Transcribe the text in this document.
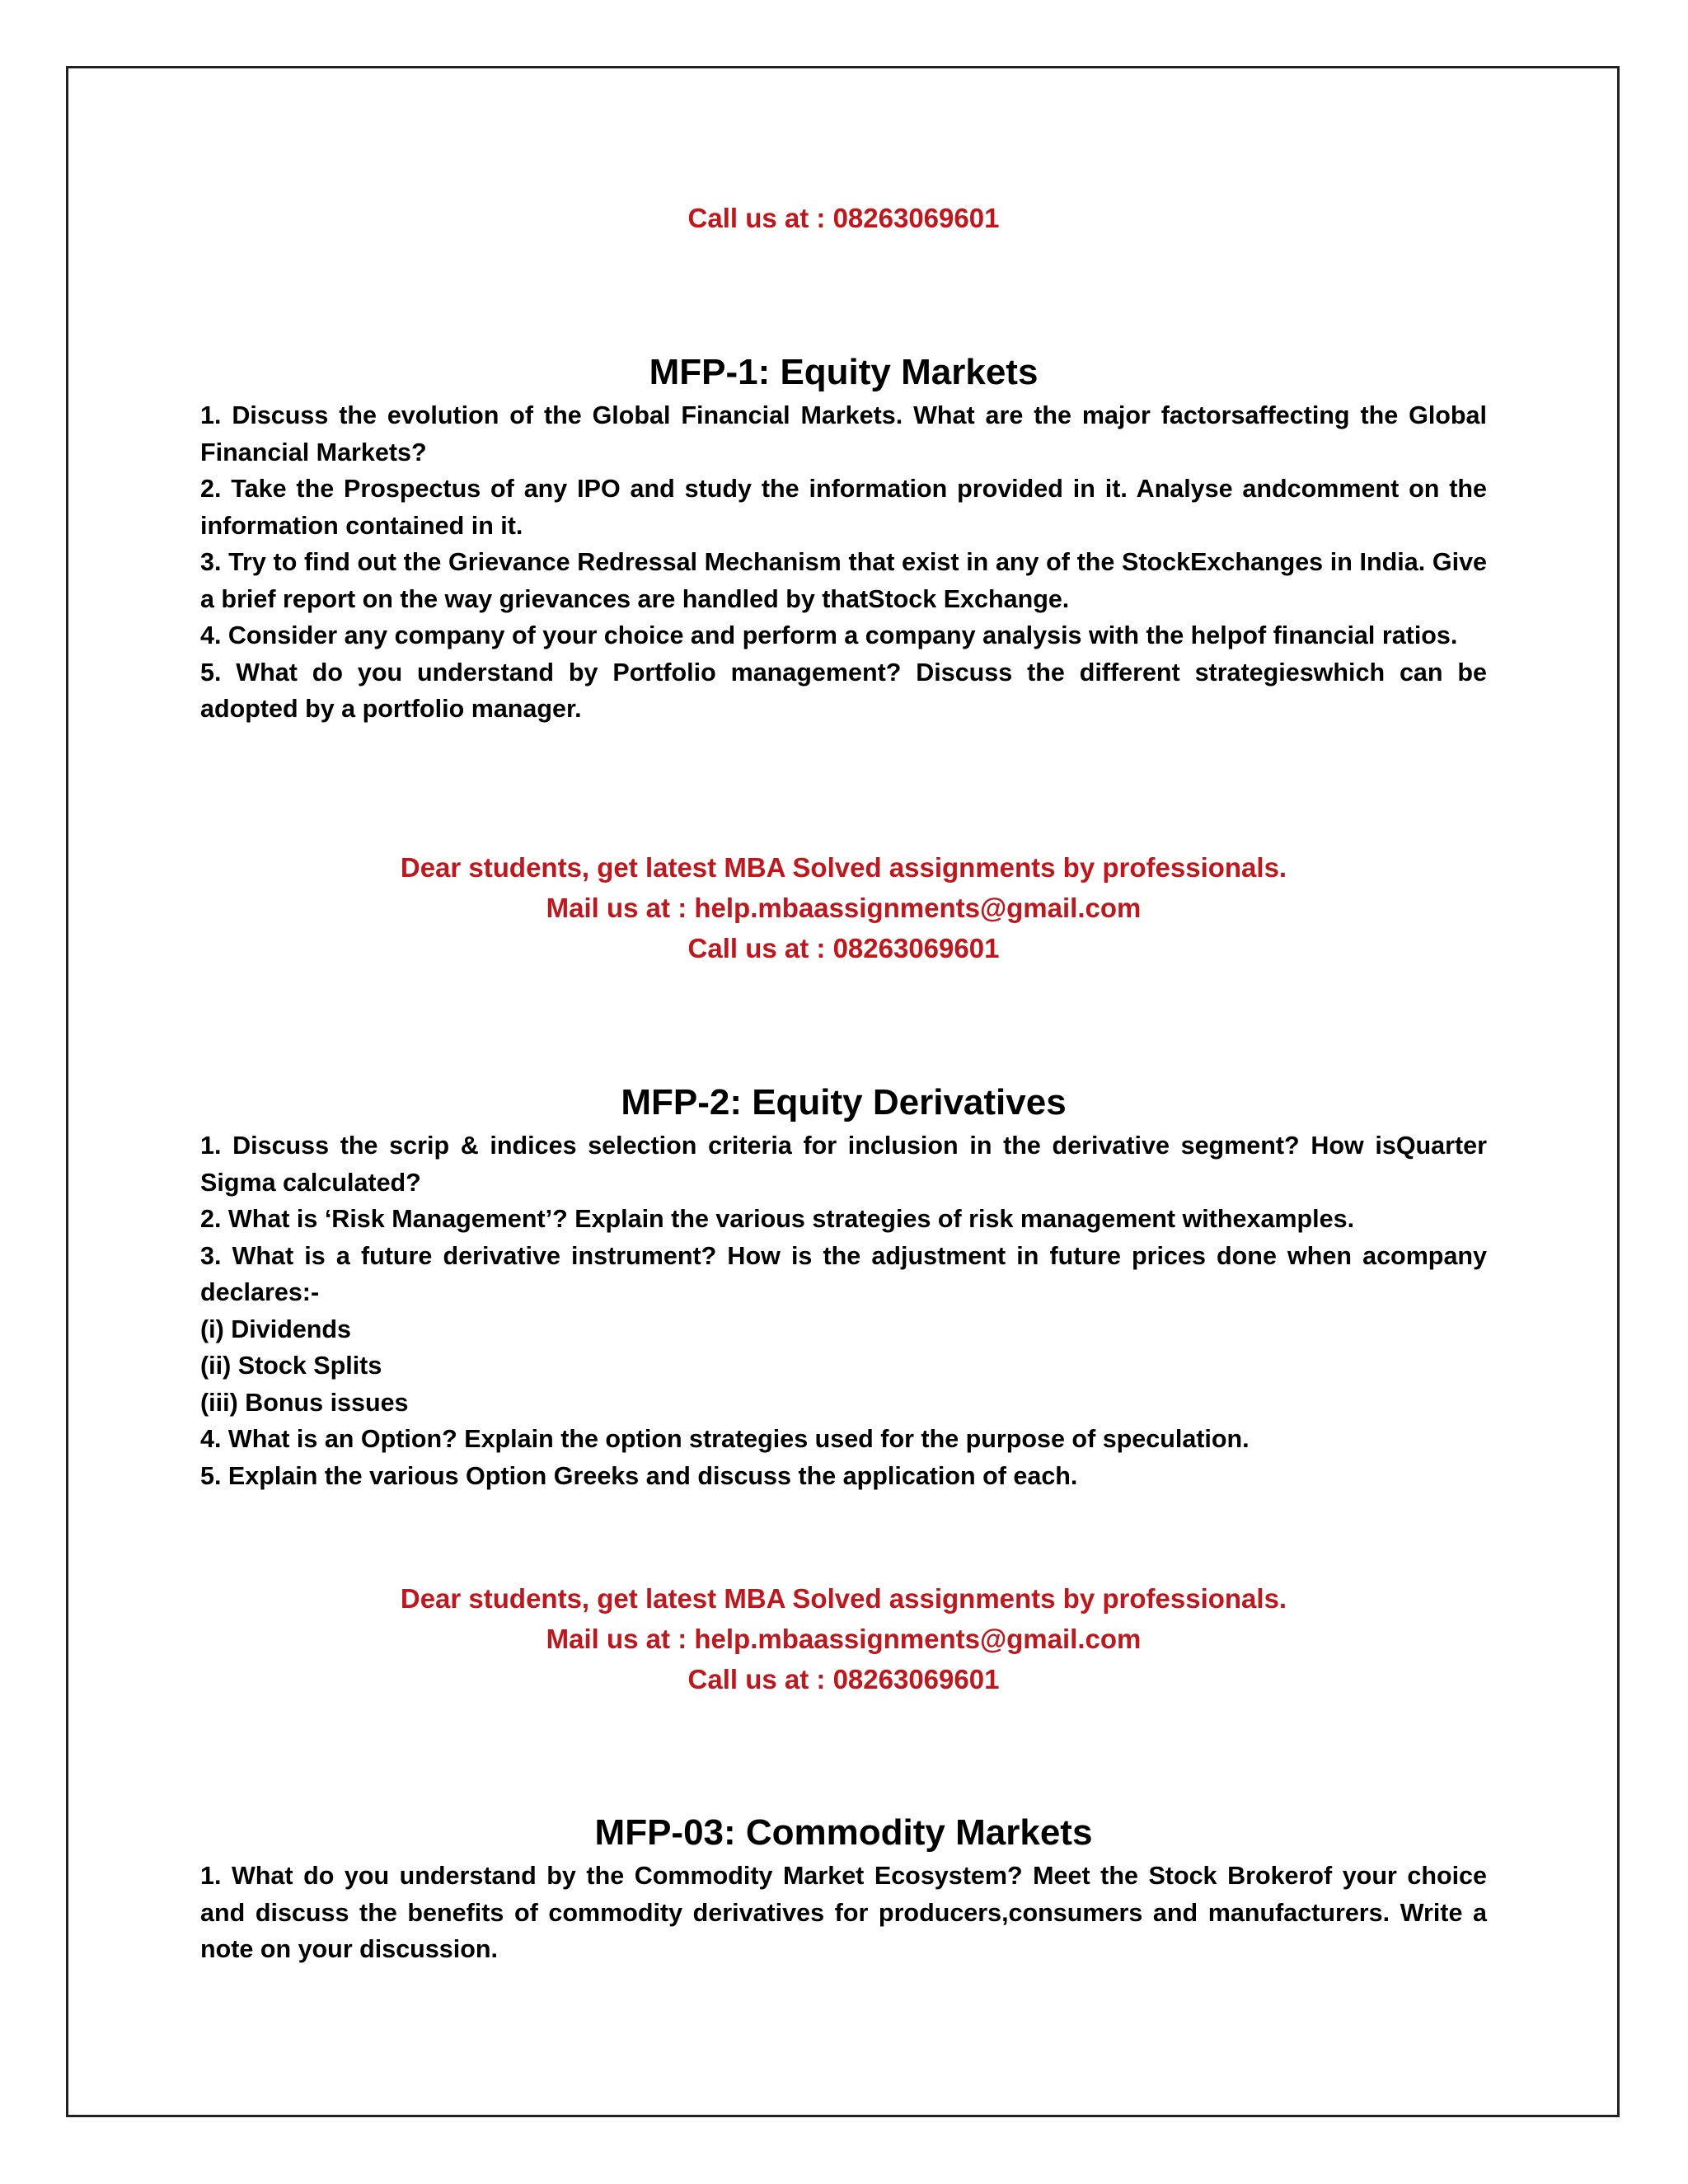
Call us at : 08263069601
MFP-1: Equity Markets
1. Discuss the evolution of the Global Financial Markets. What are the major factorsaffecting the Global Financial Markets?
2. Take the Prospectus of any IPO and study the information provided in it. Analyse andcomment on the information contained in it.
3. Try to find out the Grievance Redressal Mechanism that exist in any of the StockExchanges in India. Give a brief report on the way grievances are handled by thatStock Exchange.
4. Consider any company of your choice and perform a company analysis with the helpof financial ratios.
5. What do you understand by Portfolio management? Discuss the different strategieswhich can be adopted by a portfolio manager.
Dear students, get latest MBA Solved assignments by professionals.
Mail us at : help.mbaassignments@gmail.com
Call us at : 08263069601
MFP-2: Equity Derivatives
1. Discuss the scrip & indices selection criteria for inclusion in the derivative segment? How isQuarter Sigma calculated?
2. What is ‘Risk Management’? Explain the various strategies of risk management withexamples.
3. What is a future derivative instrument? How is the adjustment in future prices done when acompany declares:-
(i) Dividends
(ii) Stock Splits
(iii) Bonus issues
4. What is an Option? Explain the option strategies used for the purpose of speculation.
5. Explain the various Option Greeks and discuss the application of each.
Dear students, get latest MBA Solved assignments by professionals.
Mail us at : help.mbaassignments@gmail.com
Call us at : 08263069601
MFP-03: Commodity Markets
1. What do you understand by the Commodity Market Ecosystem? Meet the Stock Brokerof your choice and discuss the benefits of commodity derivatives for producers,consumers and manufacturers. Write a note on your discussion.
